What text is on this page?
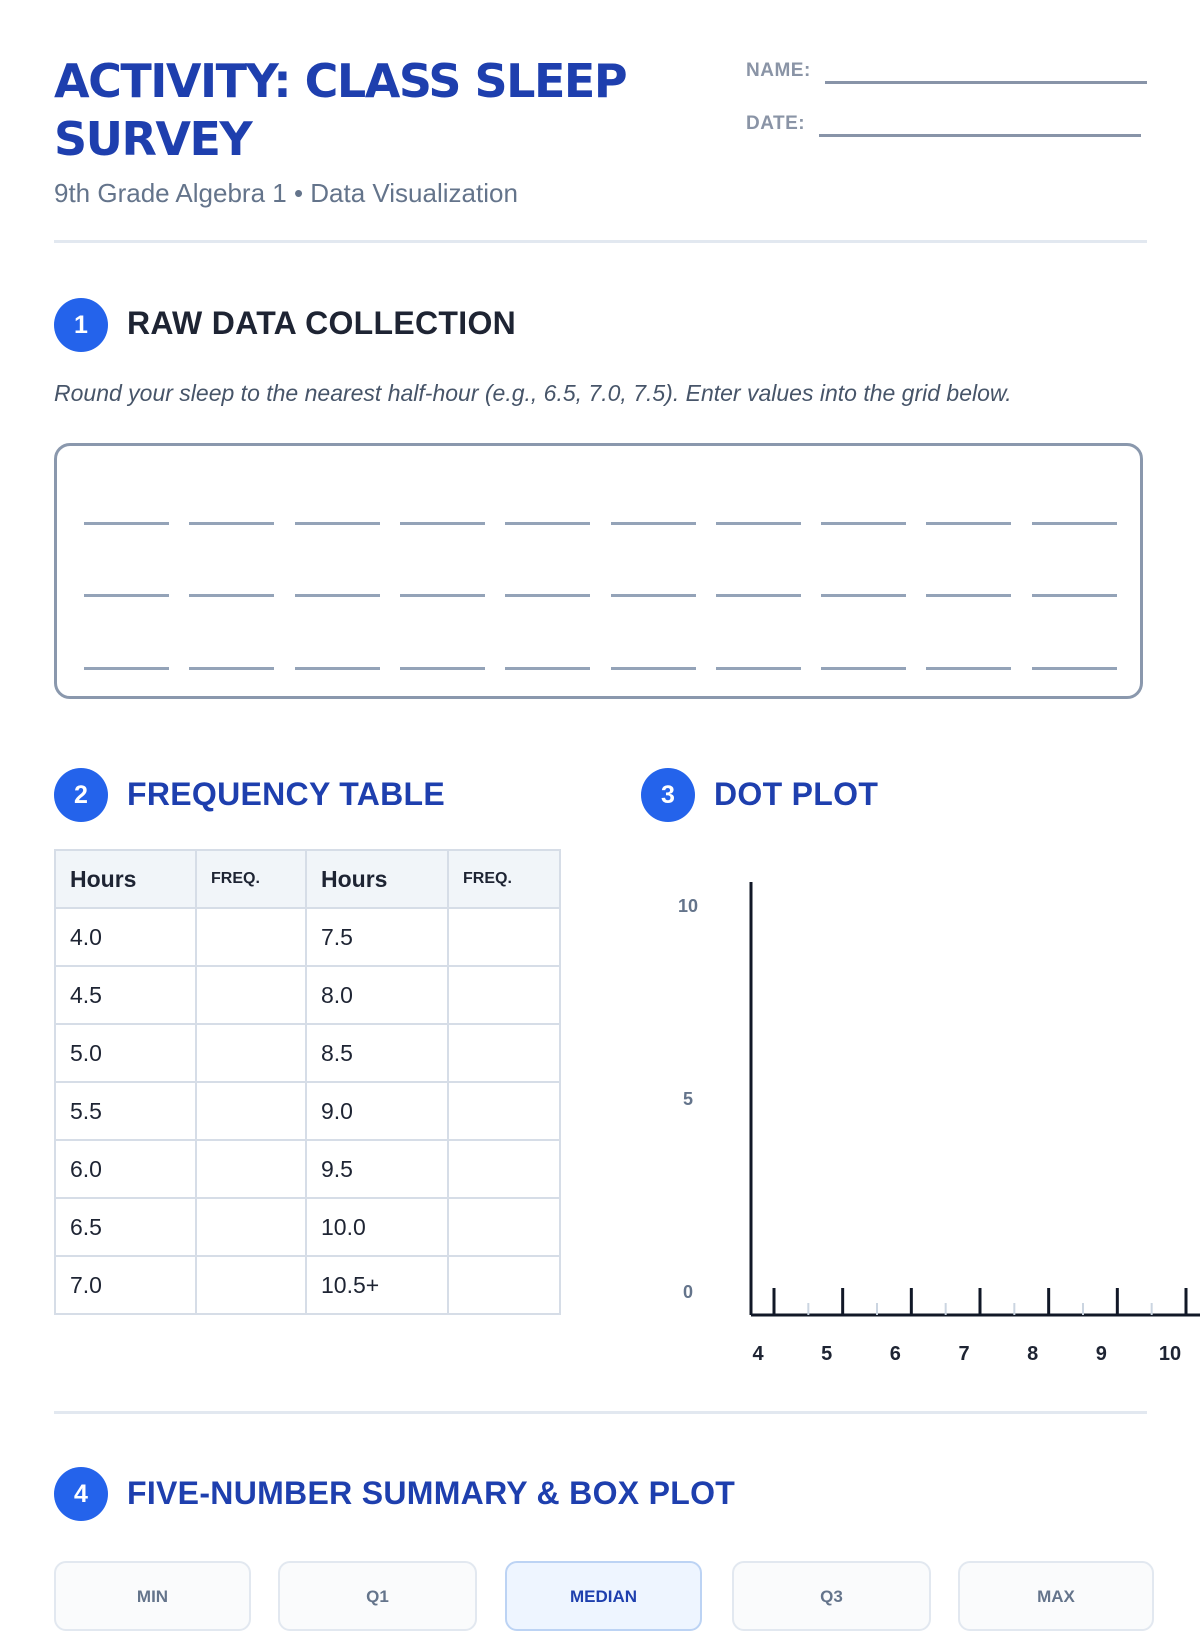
ACTIVITY: CLASS SLEEP SURVEY
9th Grade Algebra 1 • Data Visualization
NAME:
DATE:
1	RAW DATA COLLECTION
Round your sleep to the nearest half-hour (e.g., 6.5, 7.0, 7.5). Enter values into the grid below.
2	FREQUENCY TABLE
Hours	FREQ.	Hours	FREQ.
4.0		7.5	
4.5		8.0	
5.0		8.5	
5.5		9.0	
6.0		9.5	
6.5		10.0	
7.0		10.5+	
3	DOT PLOT
4	5	6	7	8	9	10
10
5
0
4	FIVE-NUMBER SUMMARY & BOX PLOT
MIN	Q1	MEDIAN	Q3	MAX
